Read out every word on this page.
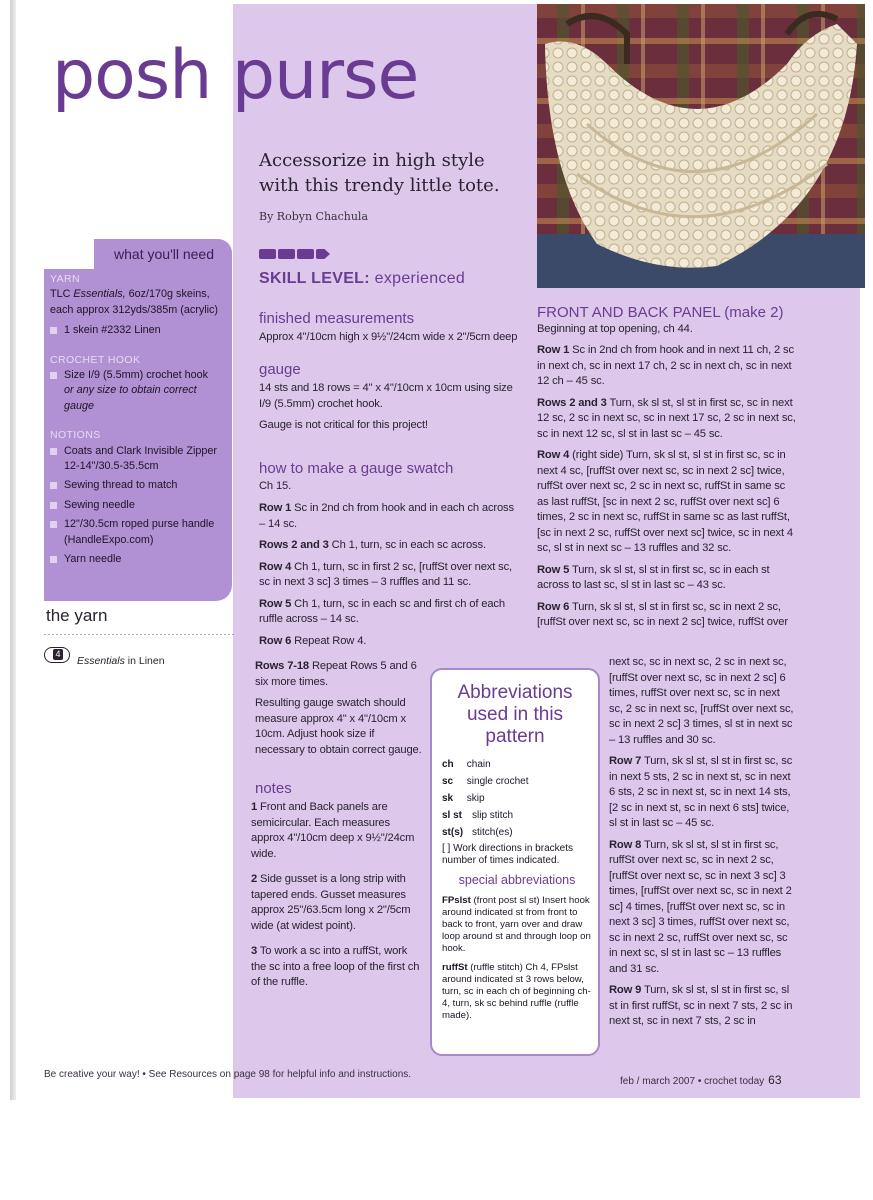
posh purse
Accessorize in high style with this trendy little tote.
By Robyn Chachula
SKILL LEVEL: experienced
finished measurements
Approx 4"/10cm high x 9½"/24cm wide x 2"/5cm deep
gauge

14 sts and 18 rows = 4" x 4"/10cm x 10cm using size I/9 (5.5mm) crochet hook.

Gauge is not critical for this project!

how to make a gauge swatch
Ch 15.

Row 1 Sc in 2nd ch from hook and in each ch across – 14 sc.

Rows 2 and 3 Ch 1, turn, sc in each sc across.

Row 4 Ch 1, turn, sc in first 2 sc, [ruffSt over next sc, sc in next 3 sc] 3 times – 3 ruffles and 11 sc.

Row 5 Ch 1, turn, sc in each sc and first ch of each ruffle across – 14 sc.

Row 6 Repeat Row 4.

Rows 7-18 Repeat Rows 5 and 6 six more times.

Resulting gauge swatch should measure approx 4" x 4"/10cm x 10cm. Adjust hook size if necessary to obtain correct gauge.

notes

1 Front and Back panels are semicircular. Each measures approx 4"/10cm deep x 9½"/24cm wide.

2 Side gusset is a long strip with tapered ends. Gusset measures approx 25"/63.5cm long x 2"/5cm wide (at widest point).

3 To work a sc into a ruffSt, work the sc into a free loop of the first ch of the ruffle.

what you'll need
YARN
TLC Essentials, 6oz/170g skeins, each approx 312yds/385m (acrylic)
1 skein #2332 Linen
CROCHET HOOK
Size I/9 (5.5mm) crochet hook
or any size to obtain correct gauge
NOTIONS
Coats and Clark Invisible Zipper 12-14"/30.5-35.5cm
Sewing thread to match
Sewing needle
12"/30.5cm roped purse handle (HandleExpo.com)
Yarn needle
the yarn
4
Essentials in Linen
Abbreviations used in this pattern
ch chain
sc single crochet
sk skip
sl st slip stitch
st(s) stitch(es)
[ ] Work directions in brackets number of times indicated.
special abbreviations

FPslst (front post sl st) Insert hook around indicated st from front to back to front, yarn over and draw loop around st and through loop on hook.

ruffSt (ruffle stitch) Ch 4, FPslst around indicated st 3 rows below, turn, sc in each ch of beginning ch-4, turn, sk sc behind ruffle (ruffle made).

FRONT AND BACK PANEL (make 2)
Beginning at top opening, ch 44.

Row 1 Sc in 2nd ch from hook and in next 11 ch, 2 sc in next ch, sc in next 17 ch, 2 sc in next ch, sc in next 12 ch – 45 sc.

Rows 2 and 3 Turn, sk sl st, sl st in first sc, sc in next 12 sc, 2 sc in next sc, sc in next 17 sc, 2 sc in next sc, sc in next 12 sc, sl st in last sc – 45 sc.

Row 4 (right side) Turn, sk sl st, sl st in first sc, sc in next 4 sc, [ruffSt over next sc, sc in next 2 sc] twice, ruffSt over next sc, 2 sc in next sc, ruffSt in same sc as last ruffSt, [sc in next 2 sc, ruffSt over next sc] 6 times, 2 sc in next sc, ruffSt in same sc as last ruffSt, [sc in next 2 sc, ruffSt over next sc] twice, sc in next 4 sc, sl st in next sc – 13 ruffles and 32 sc.

Row 5 Turn, sk sl st, sl st in first sc, sc in each st across to last sc, sl st in last sc – 43 sc.

Row 6 Turn, sk sl st, sl st in first sc, sc in next 2 sc, [ruffSt over next sc, sc in next 2 sc] twice, ruffSt over

next sc, sc in next sc, 2 sc in next sc, [ruffSt over next sc, sc in next 2 sc] 6 times, ruffSt over next sc, sc in next sc, 2 sc in next sc, [ruffSt over next sc, sc in next 2 sc] 3 times, sl st in next sc – 13 ruffles and 30 sc.

Row 7 Turn, sk sl st, sl st in first sc, sc in next 5 sts, 2 sc in next st, sc in next 6 sts, 2 sc in next st, sc in next 14 sts, [2 sc in next st, sc in next 6 sts] twice, sl st in last sc – 45 sc.

Row 8 Turn, sk sl st, sl st in first sc, ruffSt over next sc, sc in next 2 sc, [ruffSt over next sc, sc in next 3 sc] 3 times, [ruffSt over next sc, sc in next 2 sc] 4 times, [ruffSt over next sc, sc in next 3 sc] 3 times, ruffSt over next sc, sc in next 2 sc, ruffSt over next sc, sc in next sc, sl st in last sc – 13 ruffles and 31 sc.

Row 9 Turn, sk sl st, sl st in first sc, sl st in first ruffSt, sc in next 7 sts, 2 sc in next st, sc in next 7 sts, 2 sc in

Be creative your way! • See Resources on page 98 for helpful info and instructions.
feb / march 2007 • crochet today 63
